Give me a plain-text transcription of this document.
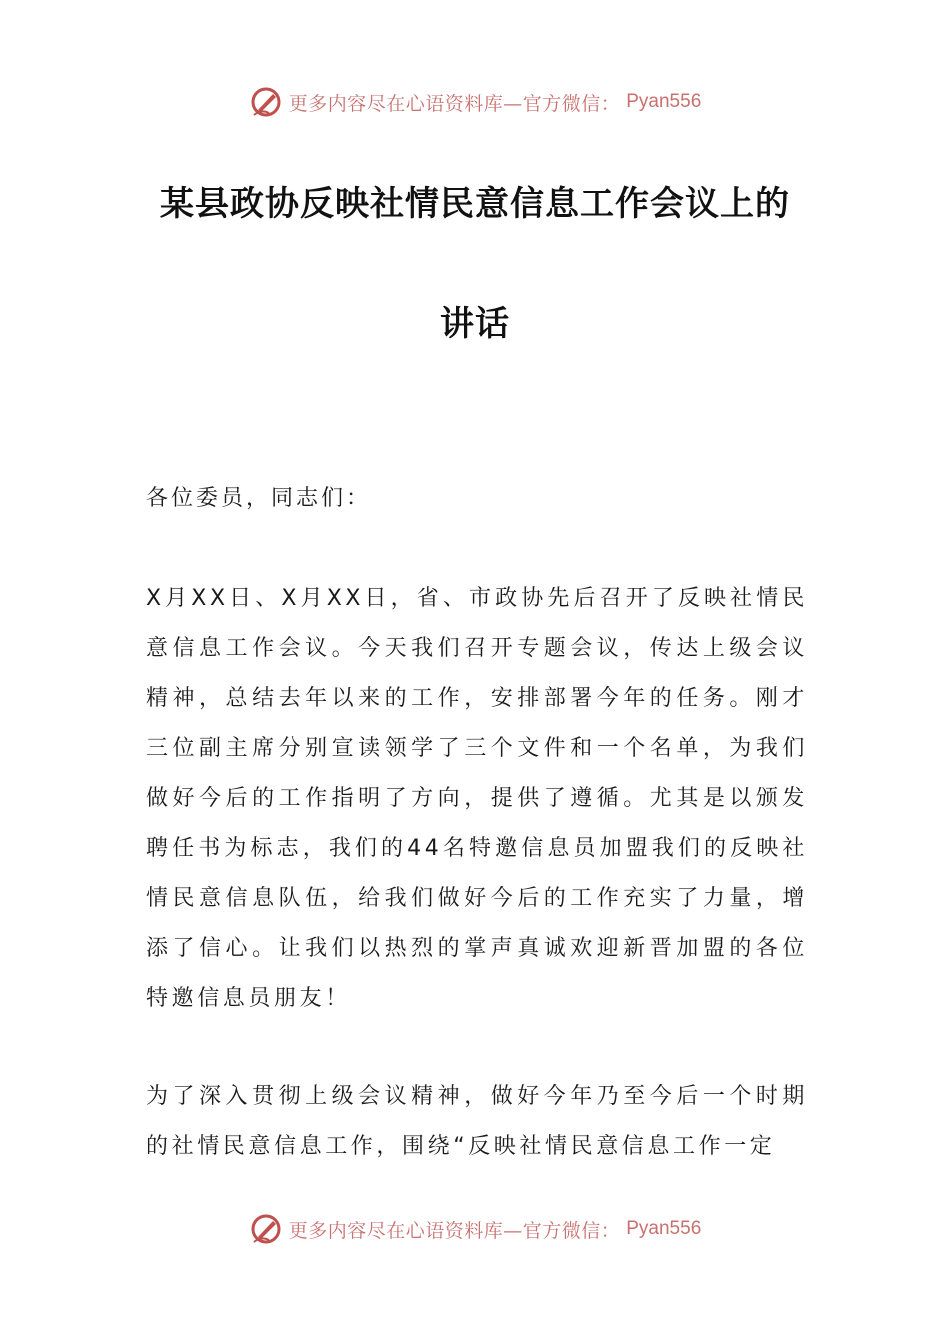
更多内容尽在心语资料库—官方微信： Pyan556
某县政协反映社情民意信息工作会议上的
讲话
各位委员，同志们：

X月XX日、X月XX日，省、市政协先后召开了反映社情民意信息工作会议。今天我们召开专题会议，传达上级会议精神，总结去年以来的工作，安排部署今年的任务。刚才三位副主席分别宣读领学了三个文件和一个名单，为我们做好今后的工作指明了方向，提供了遵循。尤其是以颁发聘任书为标志，我们的44名特邀信息员加盟我们的反映社情民意信息队伍，给我们做好今后的工作充实了力量，增添了信心。让我们以热烈的掌声真诚欢迎新晋加盟的各位特邀信息员朋友！

为了深入贯彻上级会议精神，做好今年乃至今后一个时期的社情民意信息工作，围绕“反映社情民意信息工作一定

更多内容尽在心语资料库—官方微信： Pyan556
